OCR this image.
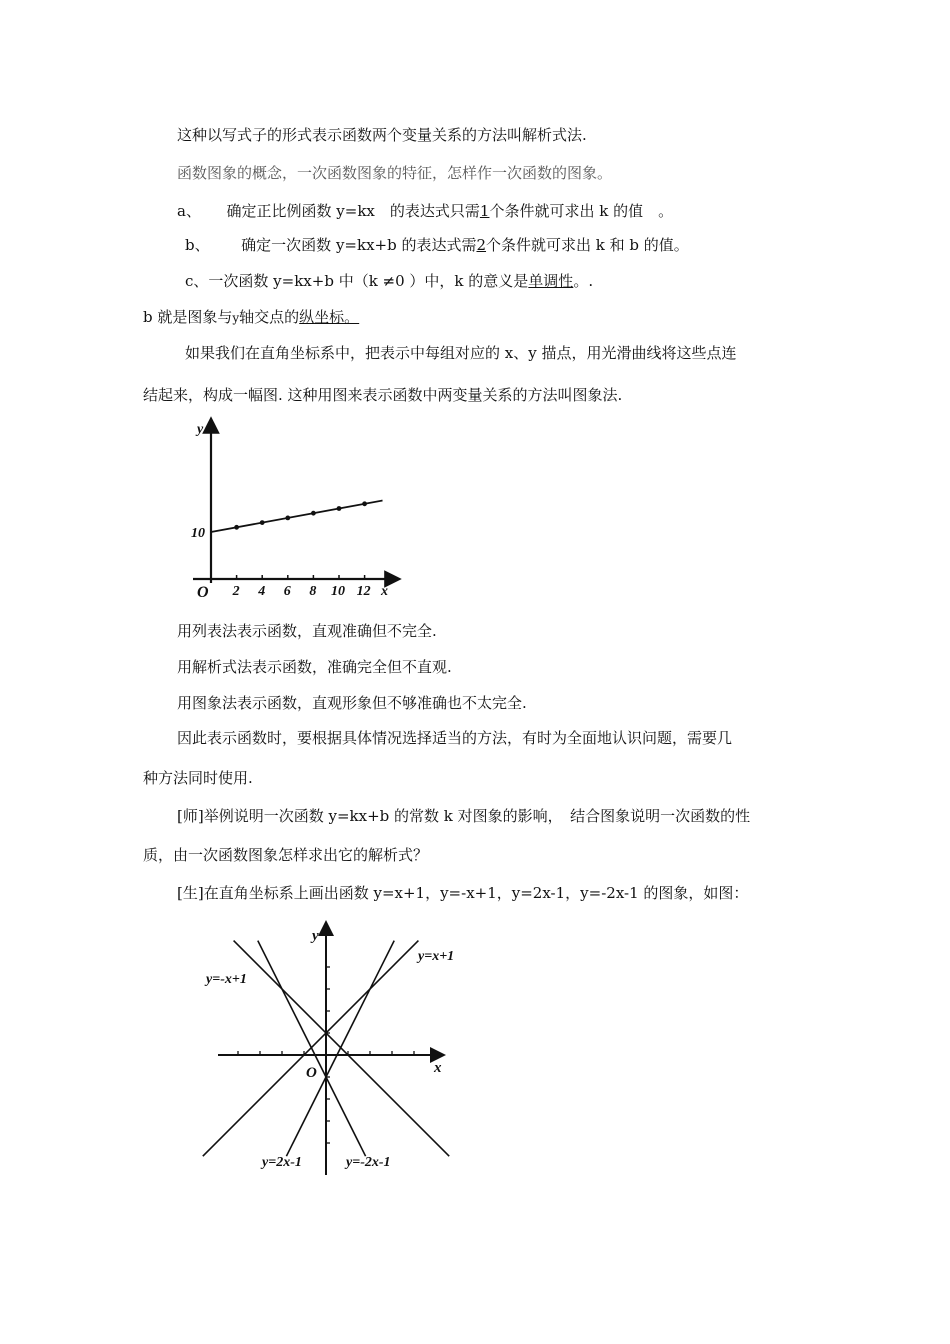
这种以写式子的形式表示函数两个变量关系的方法叫解析式法.
函数图象的概念，一次函数图象的特征，怎样作一次函数的图象。
a、 确定正比例函数 y=kx　的表达式只需1个条件就可求出 k 的值　。
b、 确定一次函数 y=kx+b 的表达式需2个条件就可求出 k 和 b 的值。
c、一次函数 y=kx+b 中（k ≠0 ）中，k 的意义是单调性。.
b 就是图象与y轴交点的纵坐标。
如果我们在直角坐标系中，把表示中每组对应的 x、y 描点，用光滑曲线将这些点连
结起来，构成一幅图. 这种用图来表示函数中两变量关系的方法叫图象法.
y
x
O 2 4 6 8 10 12
10
用列表法表示函数，直观准确但不完全.
用解析式法表示函数，准确完全但不直观.
用图象法表示函数，直观形象但不够准确也不太完全.
因此表示函数时，要根据具体情况选择适当的方法，有时为全面地认识问题，需要几
种方法同时使用.
[师]举例说明一次函数 y=kx+b 的常数 k 对图象的影响，　结合图象说明一次函数的性
质，由一次函数图象怎样求出它的解析式？
[生]在直角坐标系上画出函数 y=x+1，y=-x+1，y=2x-1，y=-2x-1 的图象，如图：
y
x
O
y=x+1
y=-x+1
y=2x-1	y=-2x-1
